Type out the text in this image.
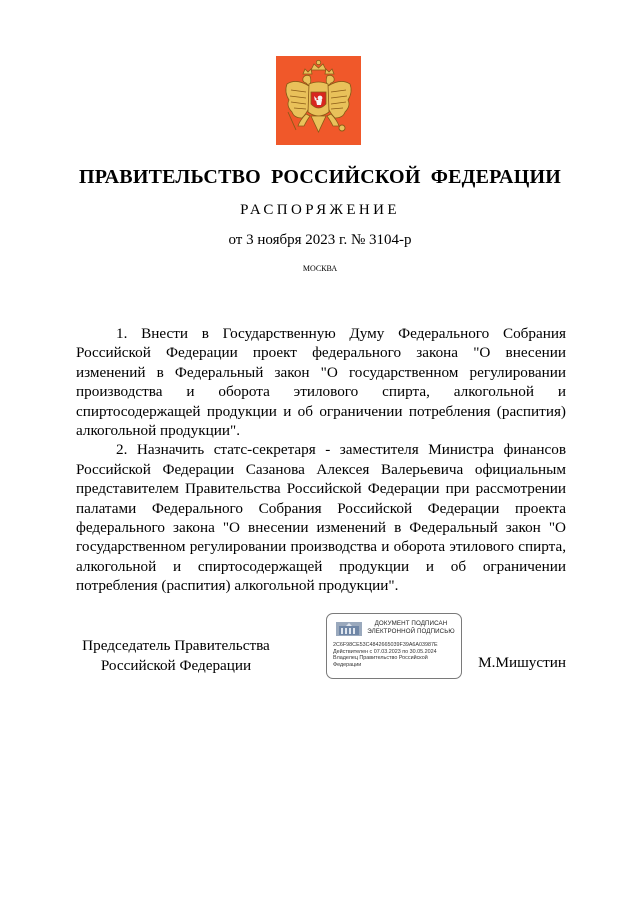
ПРАВИТЕЛЬСТВО РОССИЙСКОЙ ФЕДЕРАЦИИ
РАСПОРЯЖЕНИЕ
от 3 ноября 2023 г. № 3104-р
МОСКВА

1. Внести в Государственную Думу Федерального Собрания Российской Федерации проект федерального закона "О внесении изменений в Федеральный закон "О государственном регулировании производства и оборота этилового спирта, алкогольной и спиртосодержащей продукции и об ограничении потребления (распития) алкогольной продукции".

2. Назначить статс-секретаря - заместителя Министра финансов Российской Федерации Сазанова Алексея Валерьевича официальным представителем Правительства Российской Федерации при рассмотрении палатами Федерального Собрания Российской Федерации проекта федерального закона "О внесении изменений в Федеральный закон "О государственном регулировании производства и оборота этилового спирта, алкогольной и спиртосодержащей продукции и об ограничении потребления (распития) алкогольной продукции".

Председатель Правительства
Российской Федерации
ДОКУМЕНТ ПОДПИСАН
ЭЛЕКТРОННОЙ ПОДПИСЬЮ
2C6F98CE53C4842665039F39A6A03987E
Действителен с 07.03.2023 по 30.05.2024
Владелец Правительство Российской
Федерации	М.Мишустин
